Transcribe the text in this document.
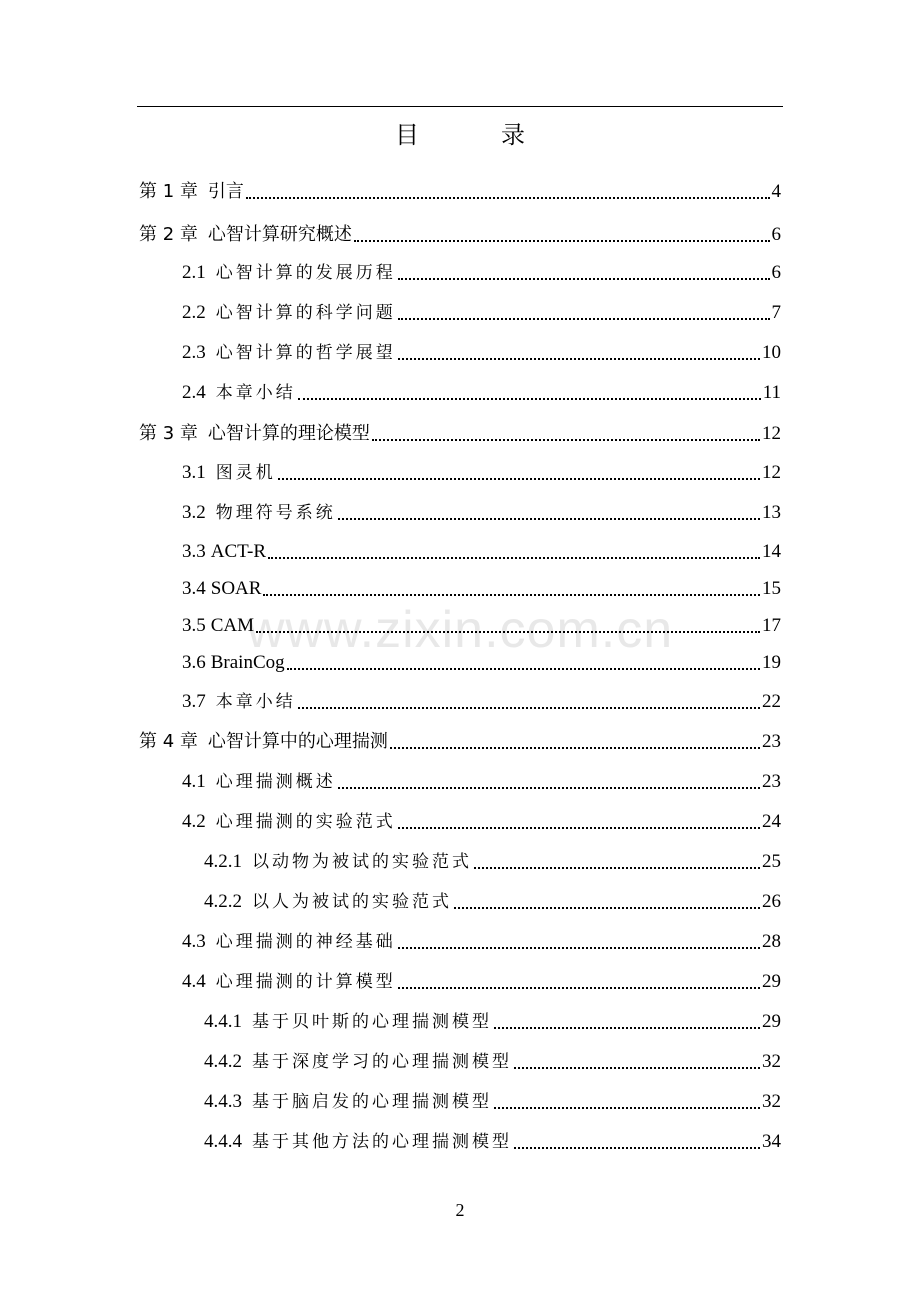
目 录
www.zixin.com.cn
第 1 章 引言	4
第 2 章 心智计算研究概述	6
2.1 心智计算的发展历程	6
2.2 心智计算的科学问题	7
2.3 心智计算的哲学展望	10
2.4 本章小结	11
第 3 章 心智计算的理论模型	12
3.1 图灵机	12
3.2 物理符号系统	13
3.3 ACT-R	14
3.4 SOAR	15
3.5 CAM	17
3.6 BrainCog	19
3.7 本章小结	22
第 4 章 心智计算中的心理揣测	23
4.1 心理揣测概述	23
4.2 心理揣测的实验范式	24
4.2.1 以动物为被试的实验范式	25
4.2.2 以人为被试的实验范式	26
4.3 心理揣测的神经基础	28
4.4 心理揣测的计算模型	29
4.4.1 基于贝叶斯的心理揣测模型	29
4.4.2 基于深度学习的心理揣测模型	32
4.4.3 基于脑启发的心理揣测模型	32
4.4.4 基于其他方法的心理揣测模型	34
2
